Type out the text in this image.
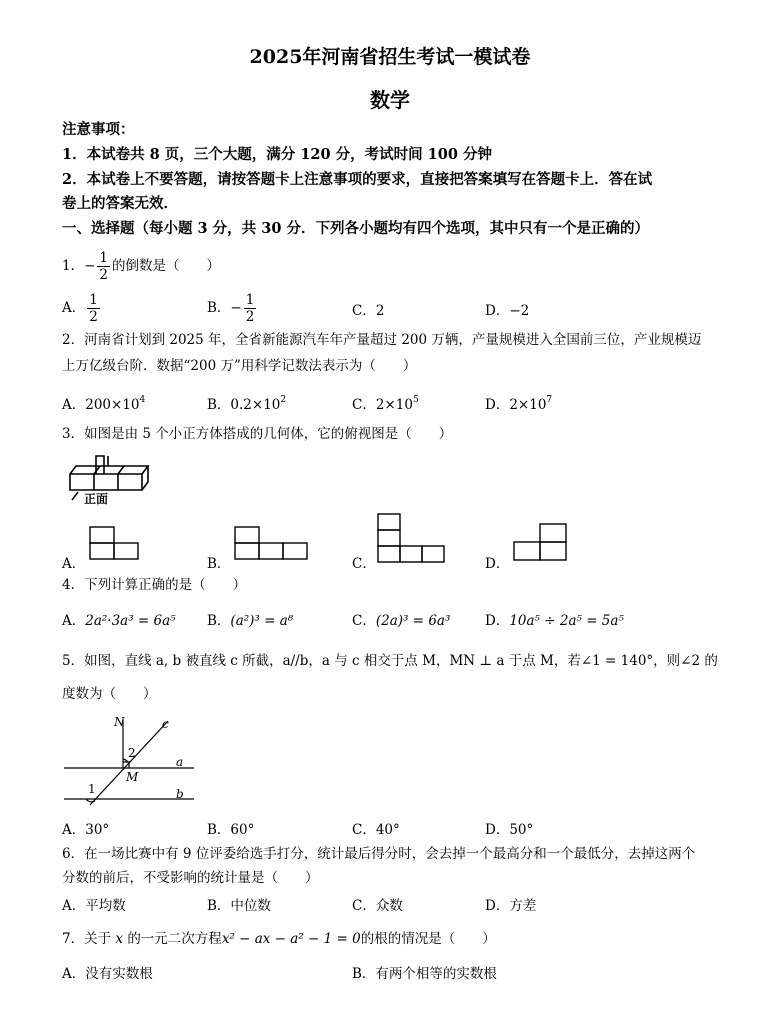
2025年河南省招生考试一模试卷
数学
注意事项：
1．本试卷共 8 页，三个大题，满分 120 分，考试时间 100 分钟
2．本试卷上不要答题，请按答题卡上注意事项的要求，直接把答案填写在答题卡上．答在试
卷上的答案无效．
一、选择题（每小题 3 分，共 30 分．下列各小题均有四个选项，其中只有一个是正确的）
1．− $\frac{1}{2}$ 的倒数是（　　）
A． $\frac{1}{2}$	B．− $\frac{1}{2}$	C．2	D．−2
2．河南省计划到 2025 年，全省新能源汽车年产量超过 200 万辆，产量规模进入全国前三位，产业规模迈
上万亿级台阶．数据“200 万”用科学记数法表示为（　　）
A．$200\times 10^4$	B．$0.2\times 10^2$	C．$2\times 10^5$	D．$2\times 10^7$
3．如图是由 5 个小正方体搭成的几何体，它的俯视图是（　　）
正面
A．	B．	C．	D．
4．下列计算正确的是（　　）
A．2a²·3a³ = 6a⁵ B．(a²)³ = a⁸	C．(2a)³ = 6a³	D．10a⁵ ÷ 2a⁵ = 5a⁵
5．如图，直线 a, b 被直线 c 所截，a//b，a 与 c 相交于点 M，MN ⊥ a 于点 M，若∠1 = 140°，则∠2 的
度数为（　　）
N	c
M
a
b
2
1
A．30°	B．60°	C．40°	D．50°
6．在一场比赛中有 9 位评委给选手打分，统计最后得分时，会去掉一个最高分和一个最低分，去掉这两个
分数的前后，不受影响的统计量是（　　）
A．平均数	B．中位数	C．众数	D．方差
7．关于 x 的一元二次方程x² − ax − a² − 1 = 0的根的情况是（　　）
A．没有实数根	B．有两个相等的实数根
